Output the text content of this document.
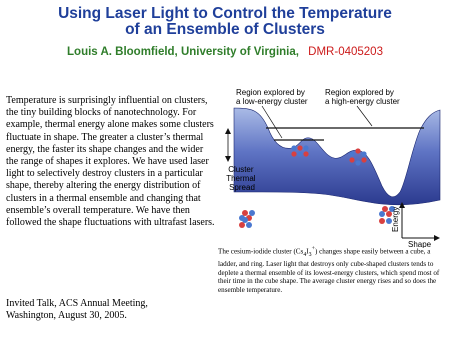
Using Laser Light to Control the Temperature
of an Ensemble of Clusters
Louis A. Bloomfield, University of Virginia, DMR-0405203

Temperature is surprisingly influential on clusters, the tiny building blocks of nanotechnology. For example, thermal energy alone makes some clusters fluctuate in shape. The greater a cluster’s thermal energy, the faster its shape changes and the wider the range of shapes it explores. We have used laser light to selectively destroy clusters in a particular shape, thereby altering the energy distribution of clusters in a thermal ensemble and changing that ensemble’s overall temperature. We have then followed the shape fluctuations with ultrafast lasers.

Invited Talk, ACS Annual Meeting,
Washington, August 30, 2005.

Region explored by a low-energy cluster
Region explored by a high-energy cluster
Cluster Thermal Spread
Energy
Shape

The cesium-iodide cluster $(Cs_4I_3^+)$ changes shape easily between a cube, a ladder, and ring. Laser light that destroys only cube-shaped clusters tends to deplete a thermal ensemble of its lowest-energy clusters, which spend most of their time in the cube shape. The average cluster energy rises and so does the ensemble temperature.
